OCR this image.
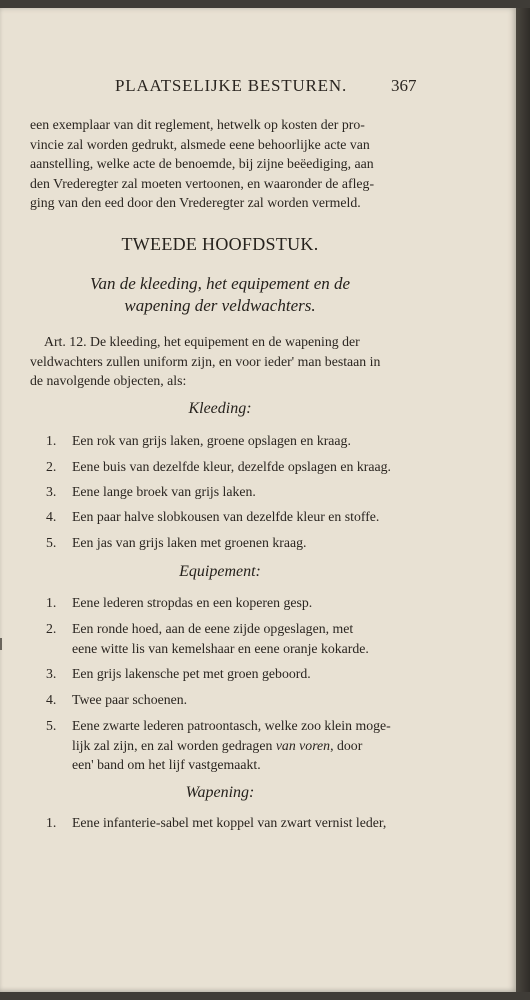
PLAATSELIJKE BESTUREN.	367
een exemplaar van dit reglement, hetwelk op kosten der pro-
vincie zal worden gedrukt, alsmede eene behoorlijke acte van
aanstelling, welke acte de benoemde, bij zijne beëediging, aan
den Vrederegter zal moeten vertoonen, en waaronder de afleg-
ging van den eed door den Vrederegter zal worden vermeld.
TWEEDE HOOFDSTUK.
Van de kleeding, het equipement en de
wapening der veldwachters.
Art. 12. De kleeding, het equipement en de wapening der
veldwachters zullen uniform zijn, en voor ieder' man bestaan in
de navolgende objecten, als:
Kleeding:
1. Een rok van grijs laken, groene opslagen en kraag.
2. Eene buis van dezelfde kleur, dezelfde opslagen en kraag.
3. Eene lange broek van grijs laken.
4. Een paar halve slobkousen van dezelfde kleur en stoffe.
5. Een jas van grijs laken met groenen kraag.
Equipement:
1. Eene lederen stropdas en een koperen gesp.
2. Een ronde hoed, aan de eene zijde opgeslagen, met
eene witte lis van kemelshaar en eene oranje kokarde.
3. Een grijs lakensche pet met groen geboord.
4. Twee paar schoenen.
5. Eene zwarte lederen patroontasch, welke zoo klein moge-
lijk zal zijn, en zal worden gedragen van voren, door
een' band om het lijf vastgemaakt.
Wapening:
1. Eene infanterie-sabel met koppel van zwart vernist leder,
